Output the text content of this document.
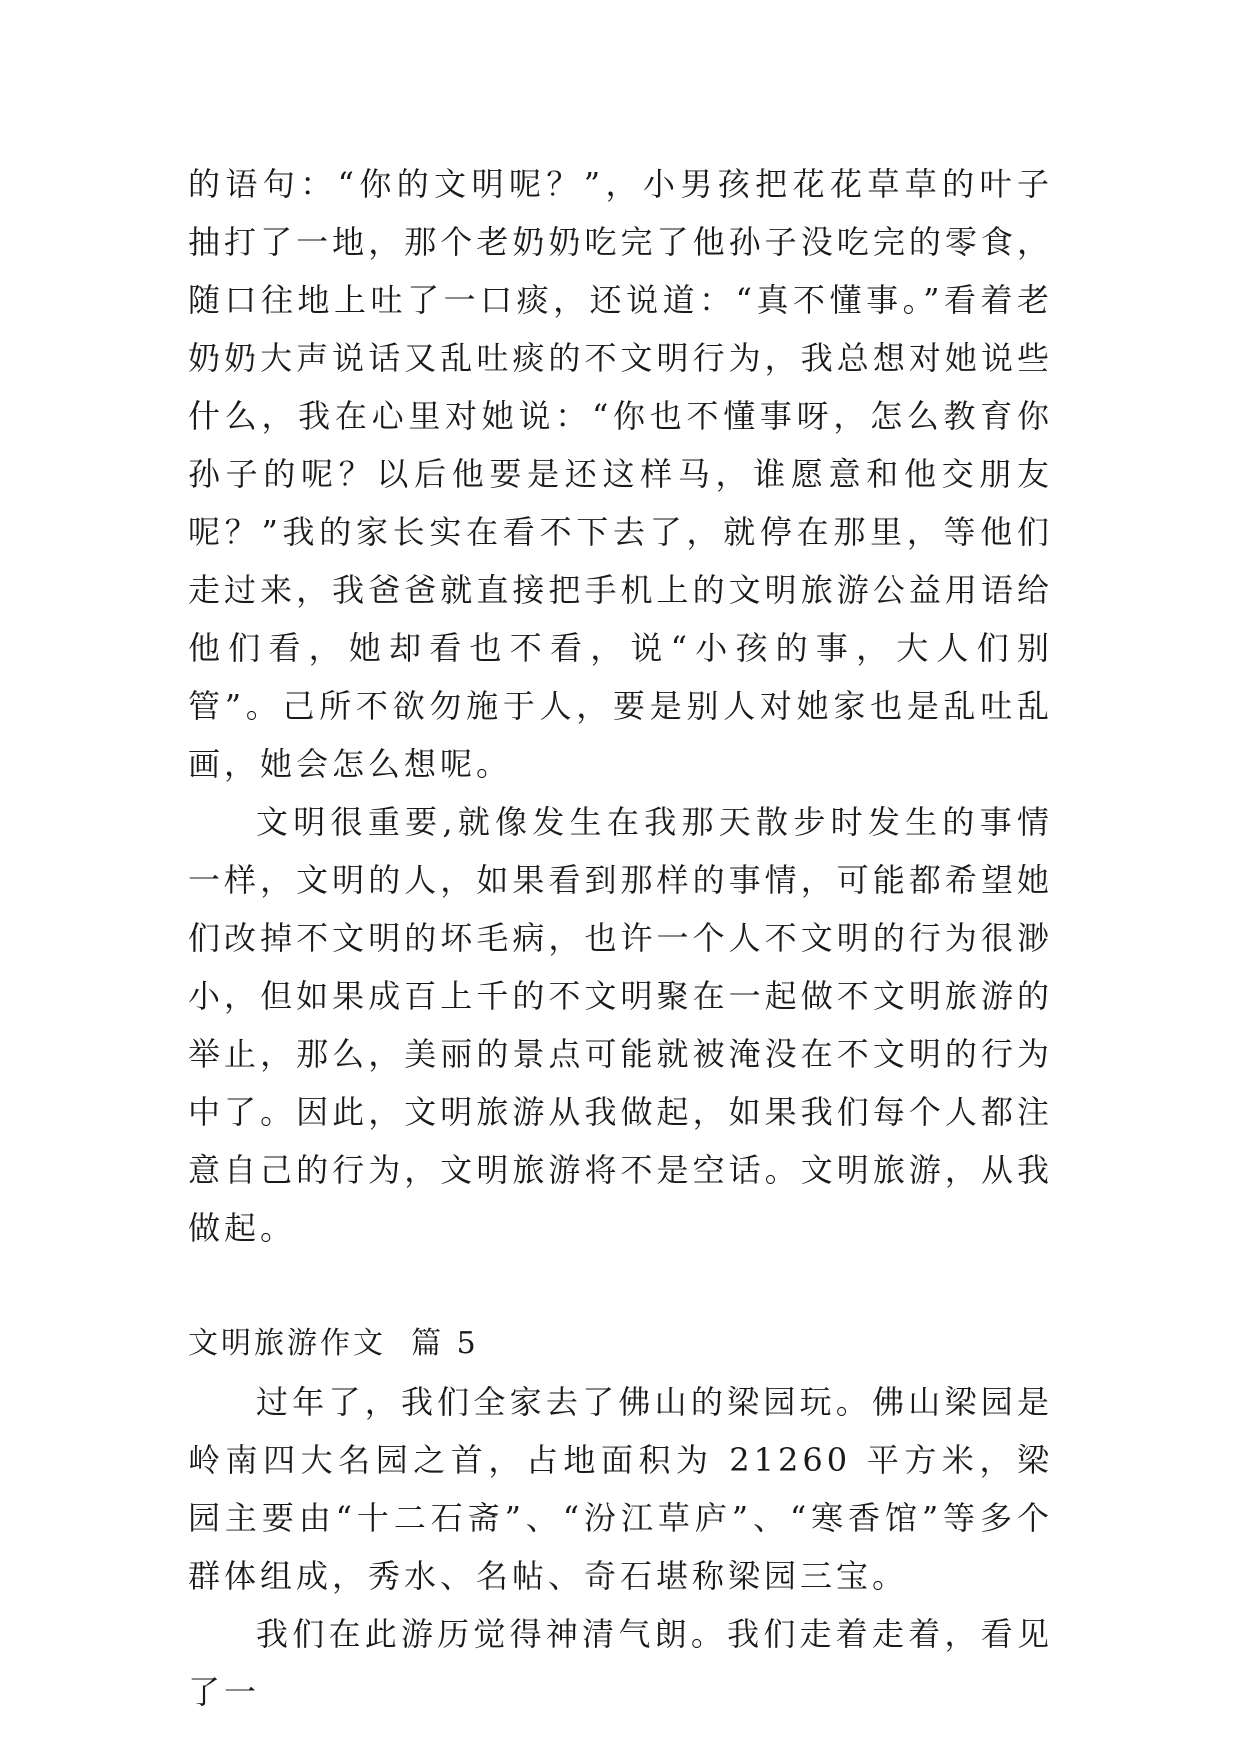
的语句：“你的文明呢？”，小男孩把花花草草的叶子抽打了一地，那个老奶奶吃完了他孙子没吃完的零食，随口往地上吐了一口痰，还说道：“真不懂事。”看着老奶奶大声说话又乱吐痰的不文明行为，我总想对她说些什么，我在心里对她说：“你也不懂事呀，怎么教育你孙子的呢？以后他要是还这样马，谁愿意和他交朋友呢？”我的家长实在看不下去了，就停在那里，等他们走过来，我爸爸就直接把手机上的文明旅游公益用语给他们看，她却看也不看，说“小孩的事，大人们别管”。己所不欲勿施于人，要是别人对她家也是乱吐乱画，她会怎么想呢。

文明很重要,就像发生在我那天散步时发生的事情一样，文明的人，如果看到那样的事情，可能都希望她们改掉不文明的坏毛病，也许一个人不文明的行为很渺小，但如果成百上千的不文明聚在一起做不文明旅游的举止，那么，美丽的景点可能就被淹没在不文明的行为中了。因此，文明旅游从我做起，如果我们每个人都注意自己的行为，文明旅游将不是空话。文明旅游，从我做起。

文明旅游作文  篇 5

过年了，我们全家去了佛山的梁园玩。佛山梁园是岭南四大名园之首，占地面积为 21260 平方米，梁园主要由“十二石斋”、“汾江草庐”、“寒香馆”等多个群体组成，秀水、名帖、奇石堪称梁园三宝。

我们在此游历觉得神清气朗。我们走着走着，看见了一
